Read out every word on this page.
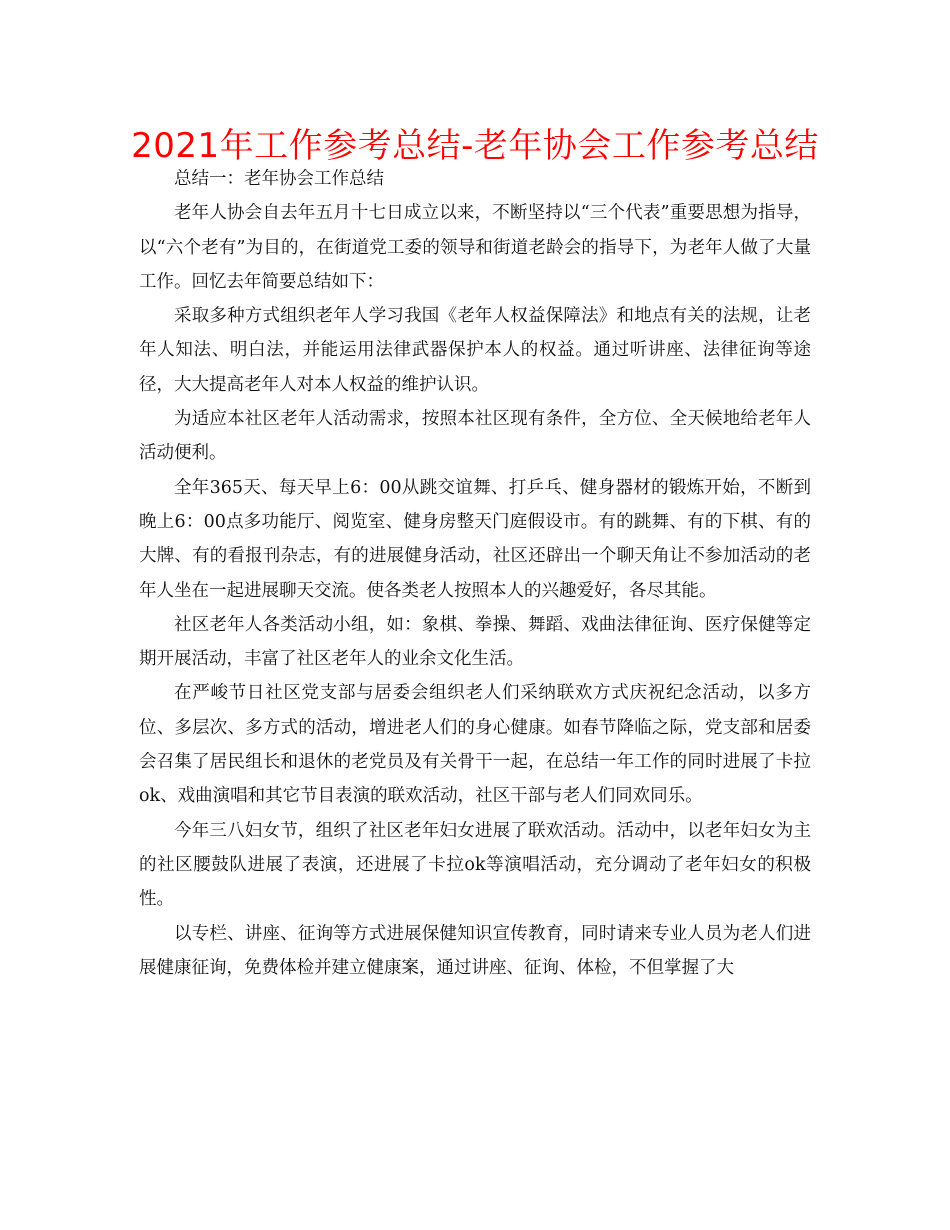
2021年工作参考总结-老年协会工作参考总结

总结一：老年协会工作总结

老年人协会自去年五月十七日成立以来，不断坚持以“三个代表”重要思想为指导，以“六个老有”为目的，在街道党工委的领导和街道老龄会的指导下，为老年人做了大量工作。回忆去年简要总结如下：

采取多种方式组织老年人学习我国《老年人权益保障法》和地点有关的法规，让老年人知法、明白法，并能运用法律武器保护本人的权益。通过听讲座、法律征询等途径，大大提高老年人对本人权益的维护认识。

为适应本社区老年人活动需求，按照本社区现有条件，全方位、全天候地给老年人活动便利。

全年365天、每天早上6：00从跳交谊舞、打乒乓、健身器材的锻炼开始，不断到晚上6：00点多功能厅、阅览室、健身房整天门庭假设市。有的跳舞、有的下棋、有的大牌、有的看报刊杂志，有的进展健身活动，社区还辟出一个聊天角让不参加活动的老年人坐在一起进展聊天交流。使各类老人按照本人的兴趣爱好，各尽其能。

社区老年人各类活动小组，如：象棋、拳操、舞蹈、戏曲法律征询、医疗保健等定期开展活动，丰富了社区老年人的业余文化生活。

在严峻节日社区党支部与居委会组织老人们采纳联欢方式庆祝纪念活动，以多方位、多层次、多方式的活动，增进老人们的身心健康。如春节降临之际，党支部和居委会召集了居民组长和退休的老党员及有关骨干一起，在总结一年工作的同时进展了卡拉ok、戏曲演唱和其它节目表演的联欢活动，社区干部与老人们同欢同乐。

今年三八妇女节，组织了社区老年妇女进展了联欢活动。活动中，以老年妇女为主的社区腰鼓队进展了表演，还进展了卡拉ok等演唱活动，充分调动了老年妇女的积极性。

以专栏、讲座、征询等方式进展保健知识宣传教育，同时请来专业人员为老人们进展健康征询，免费体检并建立健康案，通过讲座、征询、体检，不但掌握了大
